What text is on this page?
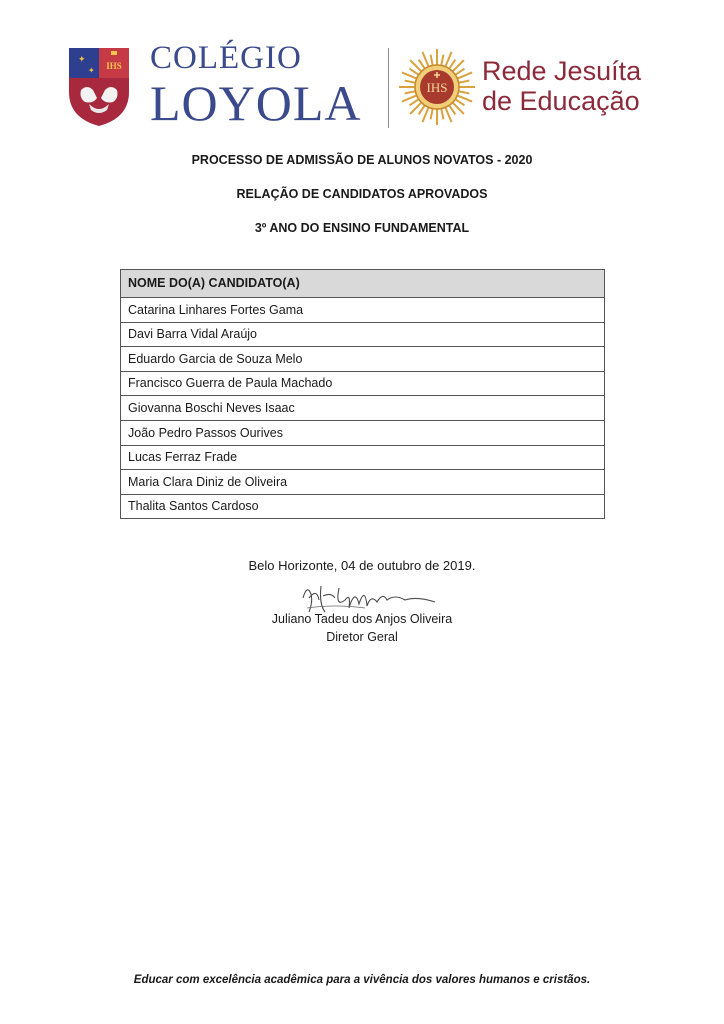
✦
✦ IHS COLÉGIO
LOYOLA	IHS
Rede Jesuíta
de Educação
PROCESSO DE ADMISSÃO DE ALUNOS NOVATOS - 2020
RELAÇÃO DE CANDIDATOS APROVADOS
3º ANO DO ENSINO FUNDAMENTAL
NOME DO(A) CANDIDATO(A)
Catarina Linhares Fortes Gama
Davi Barra Vidal Araújo
Eduardo Garcia de Souza Melo
Francisco Guerra de Paula Machado
Giovanna Boschi Neves Isaac
João Pedro Passos Ourives
Lucas Ferraz Frade
Maria Clara Diniz de Oliveira
Thalita Santos Cardoso
Belo Horizonte, 04 de outubro de 2019.
Juliano Tadeu dos Anjos Oliveira
Diretor Geral
Educar com excelência acadêmica para a vivência dos valores humanos e cristãos.
